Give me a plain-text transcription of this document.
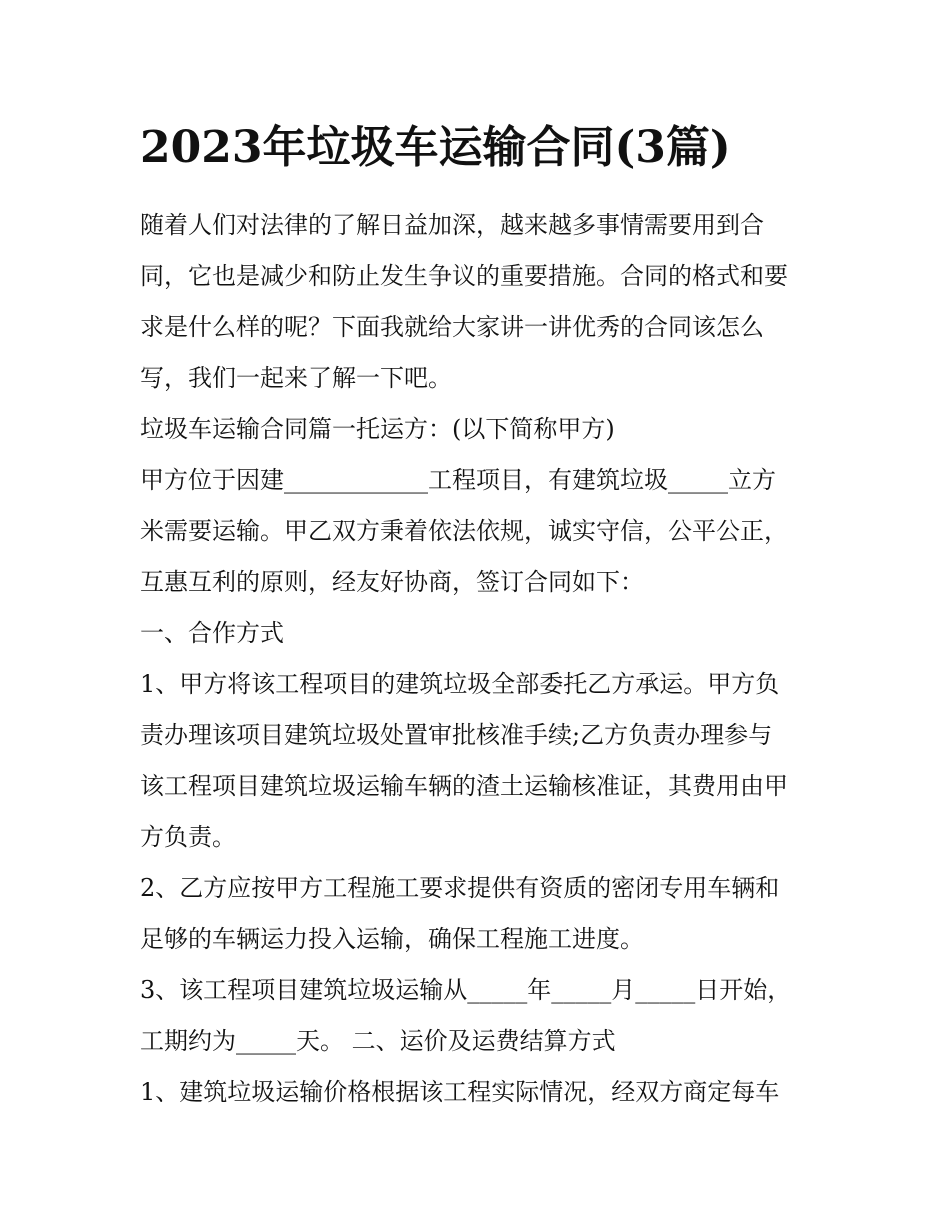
2023年垃圾车运输合同(3篇)
随着人们对法律的了解日益加深，越来越多事情需要用到合
同，它也是减少和防止发生争议的重要措施。合同的格式和要
求是什么样的呢？下面我就给大家讲一讲优秀的合同该怎么
写，我们一起来了解一下吧。
垃圾车运输合同篇一托运方：(以下简称甲方)
甲方位于因建____________工程项目，有建筑垃圾_____立方
米需要运输。甲乙双方秉着依法依规，诚实守信，公平公正，
互惠互利的原则，经友好协商，签订合同如下：
一、合作方式
1、甲方将该工程项目的建筑垃圾全部委托乙方承运。甲方负
责办理该项目建筑垃圾处置审批核准手续;乙方负责办理参与
该工程项目建筑垃圾运输车辆的渣土运输核准证，其费用由甲
方负责。
2、乙方应按甲方工程施工要求提供有资质的密闭专用车辆和
足够的车辆运力投入运输，确保工程施工进度。
3、该工程项目建筑垃圾运输从_____年_____月_____日开始，
工期约为_____天。 二、运价及运费结算方式
1、建筑垃圾运输价格根据该工程实际情况，经双方商定每车
